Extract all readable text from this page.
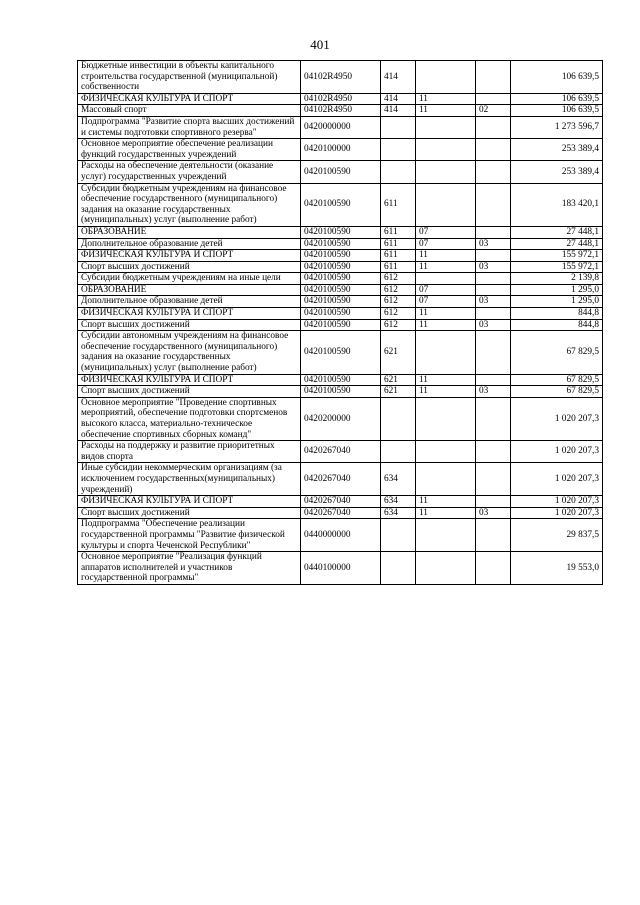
401
Бюджетные инвестиции в объекты капитального строительства государственной (муниципальной) собственности	04102R4950	414			106 639,5
ФИЗИЧЕСКАЯ КУЛЬТУРА И СПОРТ	04102R4950	414	11		106 639,5
Массовый спорт	04102R4950	414	11	02	106 639,5
Подпрограмма "Развитие спорта высших достижений и системы подготовки спортивного резерва"	0420000000				1 273 596,7
Основное мероприятие обеспечение реализации функций государственных учреждений	0420100000				253 389,4
Расходы на обеспечение деятельности (оказание услуг) государственных учреждений	0420100590				253 389,4
Субсидии бюджетным учреждениям на финансовое обеспечение государственного (муниципального) задания на оказание государственных (муниципальных) услуг (выполнение работ)	0420100590	611			183 420,1
ОБРАЗОВАНИЕ	0420100590	611	07		27 448,1
Дополнительное образование детей	0420100590	611	07	03	27 448,1
ФИЗИЧЕСКАЯ КУЛЬТУРА И СПОРТ	0420100590	611	11		155 972,1
Спорт высших достижений	0420100590	611	11	03	155 972,1
Субсидии бюджетным учреждениям на иные цели	0420100590	612			2 139,8
ОБРАЗОВАНИЕ	0420100590	612	07		1 295,0
Дополнительное образование детей	0420100590	612	07	03	1 295,0
ФИЗИЧЕСКАЯ КУЛЬТУРА И СПОРТ	0420100590	612	11		844,8
Спорт высших достижений	0420100590	612	11	03	844,8
Субсидии автономным учреждениям на финансовое обеспечение государственного (муниципального) задания на оказание государственных (муниципальных) услуг (выполнение работ)	0420100590	621			67 829,5
ФИЗИЧЕСКАЯ КУЛЬТУРА И СПОРТ	0420100590	621	11		67 829,5
Спорт высших достижений	0420100590	621	11	03	67 829,5
Основное мероприятие "Проведение спортивных мероприятий, обеспечение подготовки спортсменов высокого класса, материально-техническое обеспечение спортивных сборных команд"	0420200000				1 020 207,3
Расходы на поддержку и развитие приоритетных видов спорта	0420267040				1 020 207,3
Иные субсидии некоммерческим организациям (за исключением государственных(муниципальных) учреждений)	0420267040	634			1 020 207,3
ФИЗИЧЕСКАЯ КУЛЬТУРА И СПОРТ	0420267040	634	11		1 020 207,3
Спорт высших достижений	0420267040	634	11	03	1 020 207,3
Подпрограмма "Обеспечение реализации государственной программы "Развитие физической культуры и спорта Чеченской Республики"	0440000000				29 837,5
Основное мероприятие "Реализация функций аппаратов исполнителей и участников государственной программы"	0440100000				19 553,0
